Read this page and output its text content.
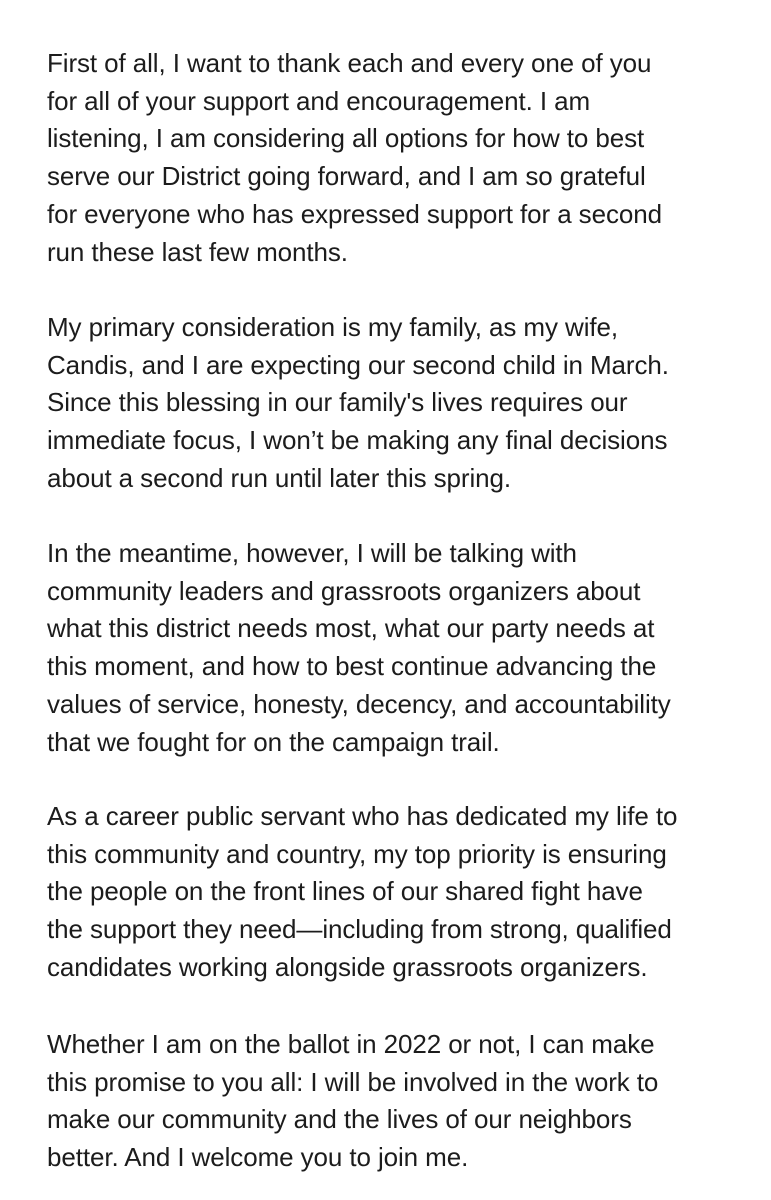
First of all, I want to thank each and every one of you
for all of your support and encouragement. I am
listening, I am considering all options for how to best
serve our District going forward, and I am so grateful
for everyone who has expressed support for a second
run these last few months.

My primary consideration is my family, as my wife,
Candis, and I are expecting our second child in March.
Since this blessing in our family's lives requires our
immediate focus, I won’t be making any final decisions
about a second run until later this spring.

In the meantime, however, I will be talking with
community leaders and grassroots organizers about
what this district needs most, what our party needs at
this moment, and how to best continue advancing the
values of service, honesty, decency, and accountability
that we fought for on the campaign trail.

As a career public servant who has dedicated my life to
this community and country, my top priority is ensuring
the people on the front lines of our shared fight have
the support they need—including from strong, qualified
candidates working alongside grassroots organizers.

Whether I am on the ballot in 2022 or not, I can make
this promise to you all: I will be involved in the work to
make our community and the lives of our neighbors
better. And I welcome you to join me.
